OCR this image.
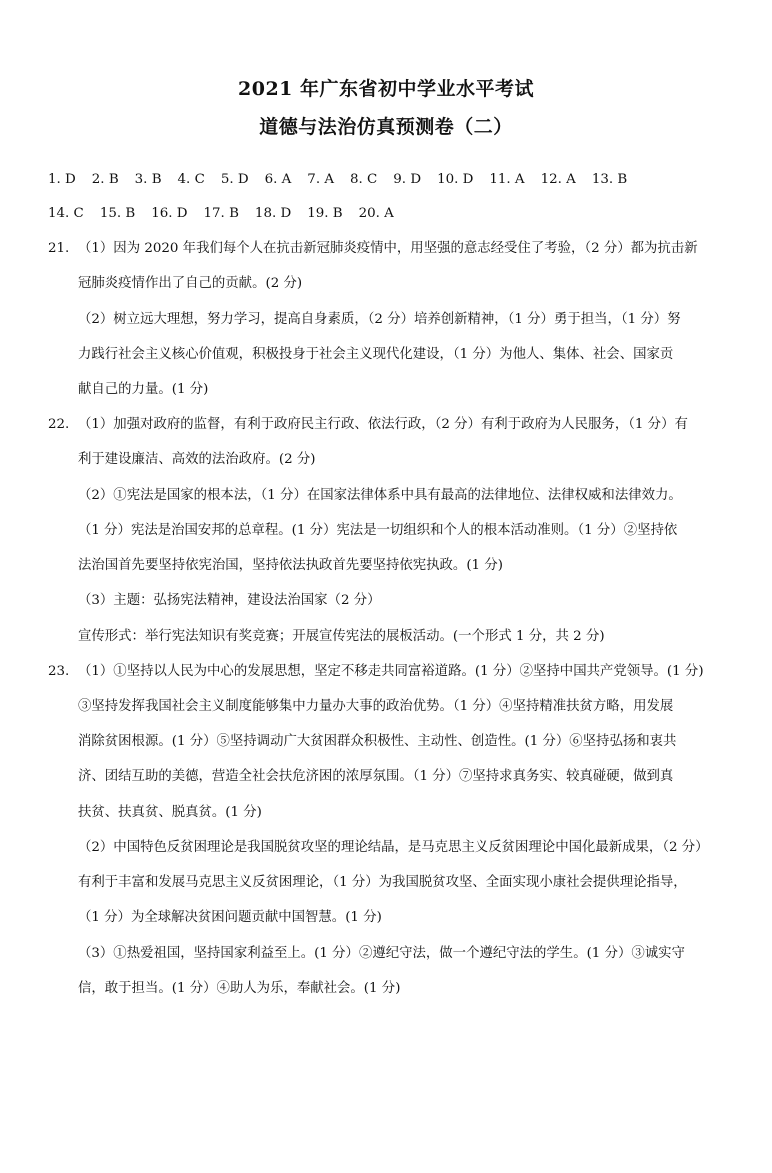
2021 年广东省初中学业水平考试
道德与法治仿真预测卷（二）
1. D 2. B 3. B 4. C 5. D 6. A 7. A 8. C 9. D 10. D 11. A 12. A 13. B
14. C 15. B 16. D 17. B 18. D 19. B 20. A
21. （1）因为 2020 年我们每个人在抗击新冠肺炎疫情中，用坚强的意志经受住了考验，（2 分）都为抗击新
冠肺炎疫情作出了自己的贡献。(2 分)
（2）树立远大理想，努力学习，提高自身素质，（2 分）培养创新精神，（1 分）勇于担当，（1 分）努
力践行社会主义核心价值观，积极投身于社会主义现代化建设，（1 分）为他人、集体、社会、国家贡
献自己的力量。(1 分)
22. （1）加强对政府的监督，有利于政府民主行政、依法行政，（2 分）有利于政府为人民服务，（1 分）有
利于建设廉洁、高效的法治政府。(2 分)
（2）①宪法是国家的根本法，（1 分）在国家法律体系中具有最高的法律地位、法律权威和法律效力。
（1 分）宪法是治国安邦的总章程。(1 分）宪法是一切组织和个人的根本活动准则。（1 分）②坚持依
法治国首先要坚持依宪治国，坚持依法执政首先要坚持依宪执政。(1 分)
（3）主题：弘扬宪法精神，建设法治国家（2 分）
宣传形式：举行宪法知识有奖竞赛；开展宣传宪法的展板活动。(一个形式 1 分，共 2 分)
23. （1）①坚持以人民为中心的发展思想，坚定不移走共同富裕道路。(1 分）②坚持中国共产党领导。(1 分)
③坚持发挥我国社会主义制度能够集中力量办大事的政治优势。（1 分）④坚持精准扶贫方略，用发展
消除贫困根源。(1 分）⑤坚持调动广大贫困群众积极性、主动性、创造性。(1 分）⑥坚持弘扬和衷共
济、团结互助的美德，营造全社会扶危济困的浓厚氛围。（1 分）⑦坚持求真务实、较真碰硬，做到真
扶贫、扶真贫、脱真贫。(1 分)
（2）中国特色反贫困理论是我国脱贫攻坚的理论结晶，是马克思主义反贫困理论中国化最新成果，（2 分）
有利于丰富和发展马克思主义反贫困理论，（1 分）为我国脱贫攻坚、全面实现小康社会提供理论指导，
（1 分）为全球解决贫困问题贡献中国智慧。(1 分)
（3）①热爱祖国，坚持国家利益至上。(1 分）②遵纪守法，做一个遵纪守法的学生。(1 分）③诚实守
信，敢于担当。(1 分）④助人为乐，奉献社会。(1 分)
